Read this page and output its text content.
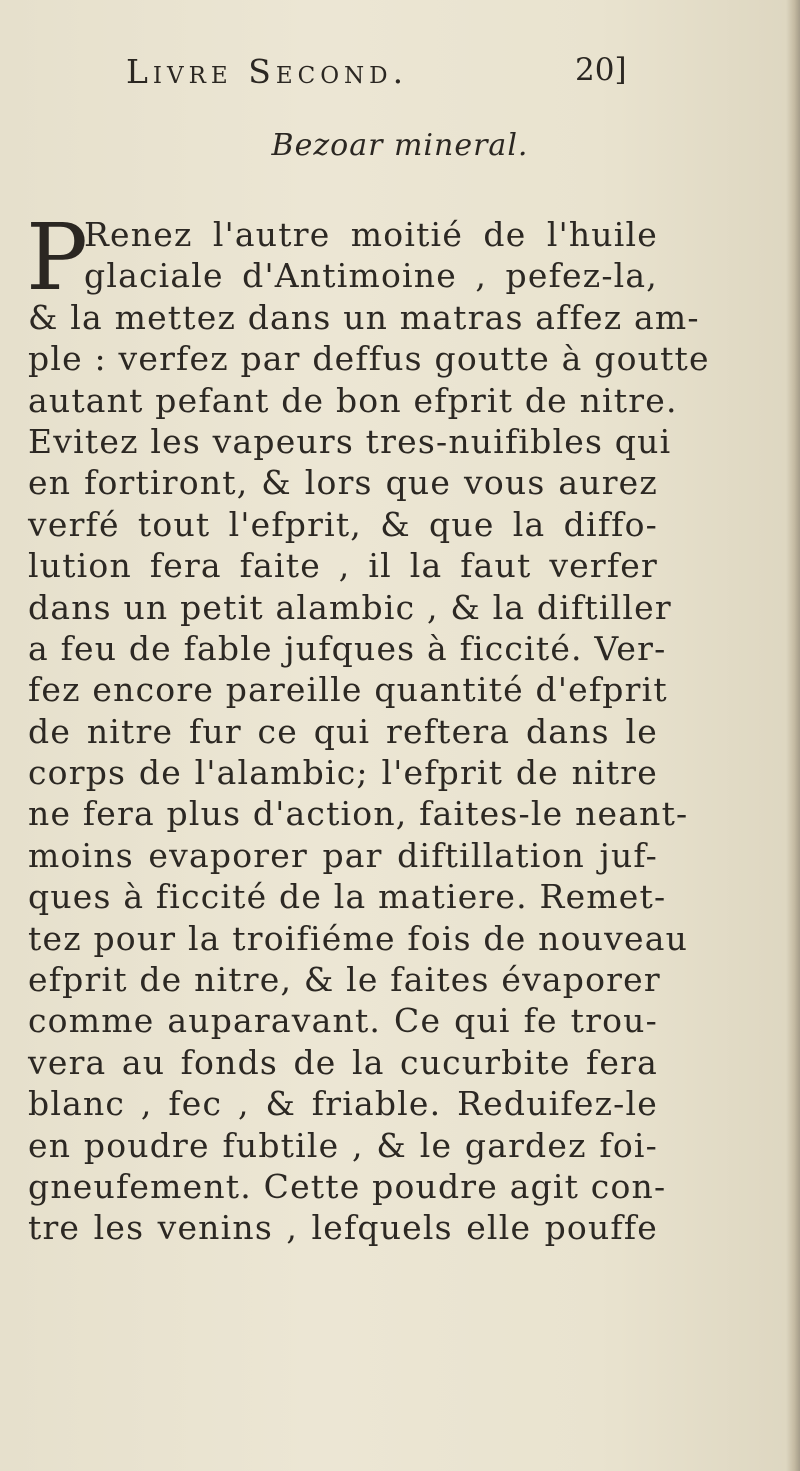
Livre Second.	20]
Bezoar mineral.
P
Renez l'autre moitié de l'huile
glaciale d'Antimoine , pefez-la,
& la mettez dans un matras affez am-
ple : verfez par deffus goutte à goutte
autant pefant de bon efprit de nitre.
Evitez les vapeurs tres-nuifibles qui
en fortiront, & lors que vous aurez
verfé tout l'efprit, & que la diffo-
lution fera faite , il la faut verfer
dans un petit alambic , & la diftiller
a feu de fable jufques à ficcité. Ver-
fez encore pareille quantité d'efprit
de nitre fur ce qui reftera dans le
corps de l'alambic; l'efprit de nitre
ne fera plus d'action, faites-le neant-
moins evaporer par diftillation juf-
ques à ficcité de la matiere. Remet-
tez pour la troifiéme fois de nouveau
efprit de nitre, & le faites évaporer
comme auparavant. Ce qui fe trou-
vera au fonds de la cucurbite fera
blanc , fec , & friable. Reduifez-le
en poudre fubtile , & le gardez foi-
gneufement. Cette poudre agit con-
tre les venins , lefquels elle pouffe
